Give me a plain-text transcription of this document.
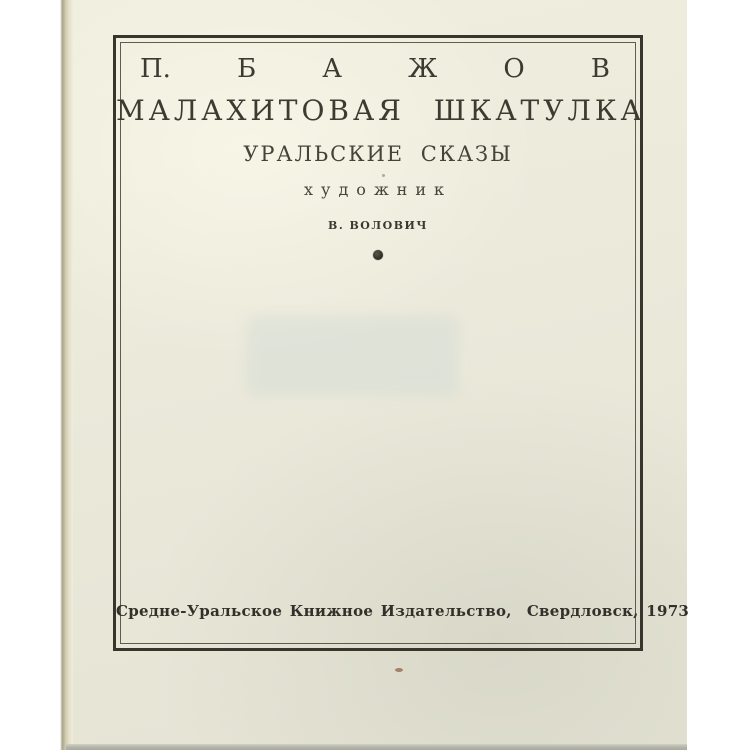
П.	Б	А	Ж	О	В
МАЛАХИТОВАЯ ШКАТУЛКА
УРАЛЬСКИЕ СКАЗЫ
художник
В. ВОЛОВИЧ
Средне-Уральское Книжное Издательство,  Свердловск, 1973
